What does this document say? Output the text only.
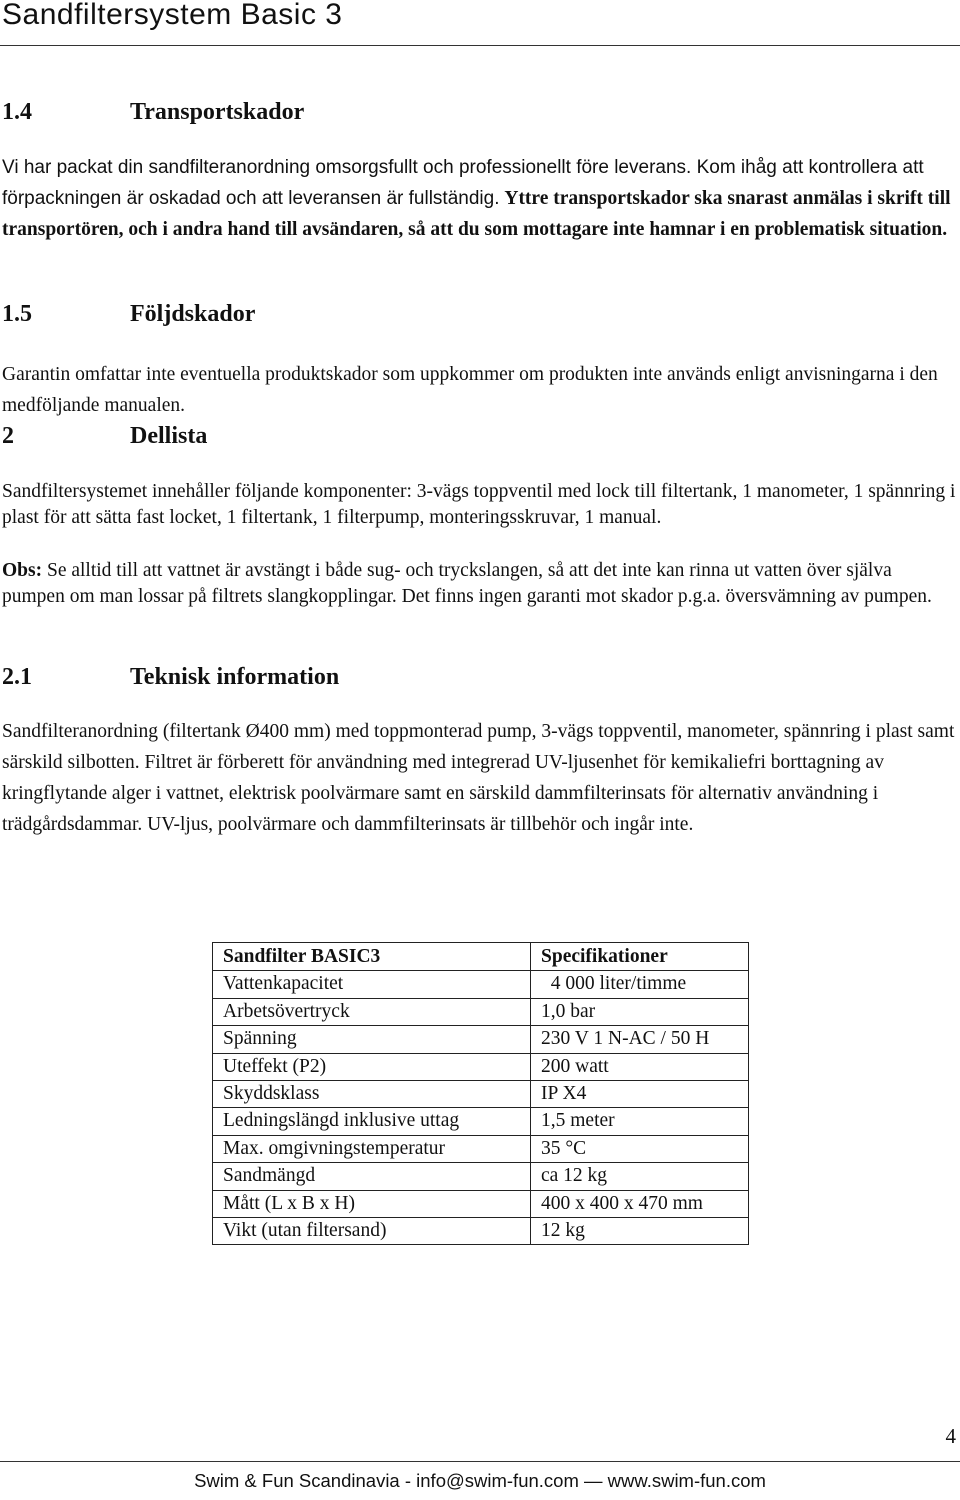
Sandfiltersystem Basic 3
1.4	Transportskador
Vi har packat din sandfilteranordning omsorgsfullt och professionellt före leverans. Kom ihåg att kontrollera att förpackningen är oskadad och att leveransen är fullständig. Yttre transportskador ska snarast anmälas i skrift till transportören, och i andra hand till avsändaren, så att du som mottagare inte hamnar i en problematisk situation.
1.5	Följdskador
Garantin omfattar inte eventuella produktskador som uppkommer om produkten inte används enligt anvisningarna i den medföljande manualen.
2	Dellista
Sandfiltersystemet innehåller följande komponenter: 3-vägs toppventil med lock till filtertank, 1 manometer, 1 spännring i plast för att sätta fast locket, 1 filtertank, 1 filterpump, monteringsskruvar, 1 manual.
Obs: Se alltid till att vattnet är avstängt i både sug- och tryckslangen, så att det inte kan rinna ut vatten över själva pumpen om man lossar på filtrets slangkopplingar. Det finns ingen garanti mot skador p.g.a. översvämning av pumpen.
2.1	Teknisk information
Sandfilteranordning (filtertank Ø400 mm) med toppmonterad pump, 3-vägs toppventil, manometer, spännring i plast samt särskild silbotten. Filtret är förberett för användning med integrerad UV-ljusenhet för kemikaliefri borttagning av kringflytande alger i vattnet, elektrisk poolvärmare samt en särskild dammfilterinsats för alternativ användning i trädgårdsdammar. UV-ljus, poolvärmare och dammfilterinsats är tillbehör och ingår inte.
Sandfilter BASIC3	Specifikationer
Vattenkapacitet	4 000 liter/timme
Arbetsövertryck	1,0 bar
Spänning	230 V 1 N-AC / 50 H
Uteffekt (P2)	200 watt
Skyddsklass	IP X4
Ledningslängd inklusive uttag	1,5 meter
Max. omgivningstemperatur	35 °C
Sandmängd	ca 12 kg
Mått (L x B x H)	400 x 400 x 470 mm
Vikt (utan filtersand)	12 kg
4
Swim & Fun Scandinavia - info@swim-fun.com — www.swim-fun.com
